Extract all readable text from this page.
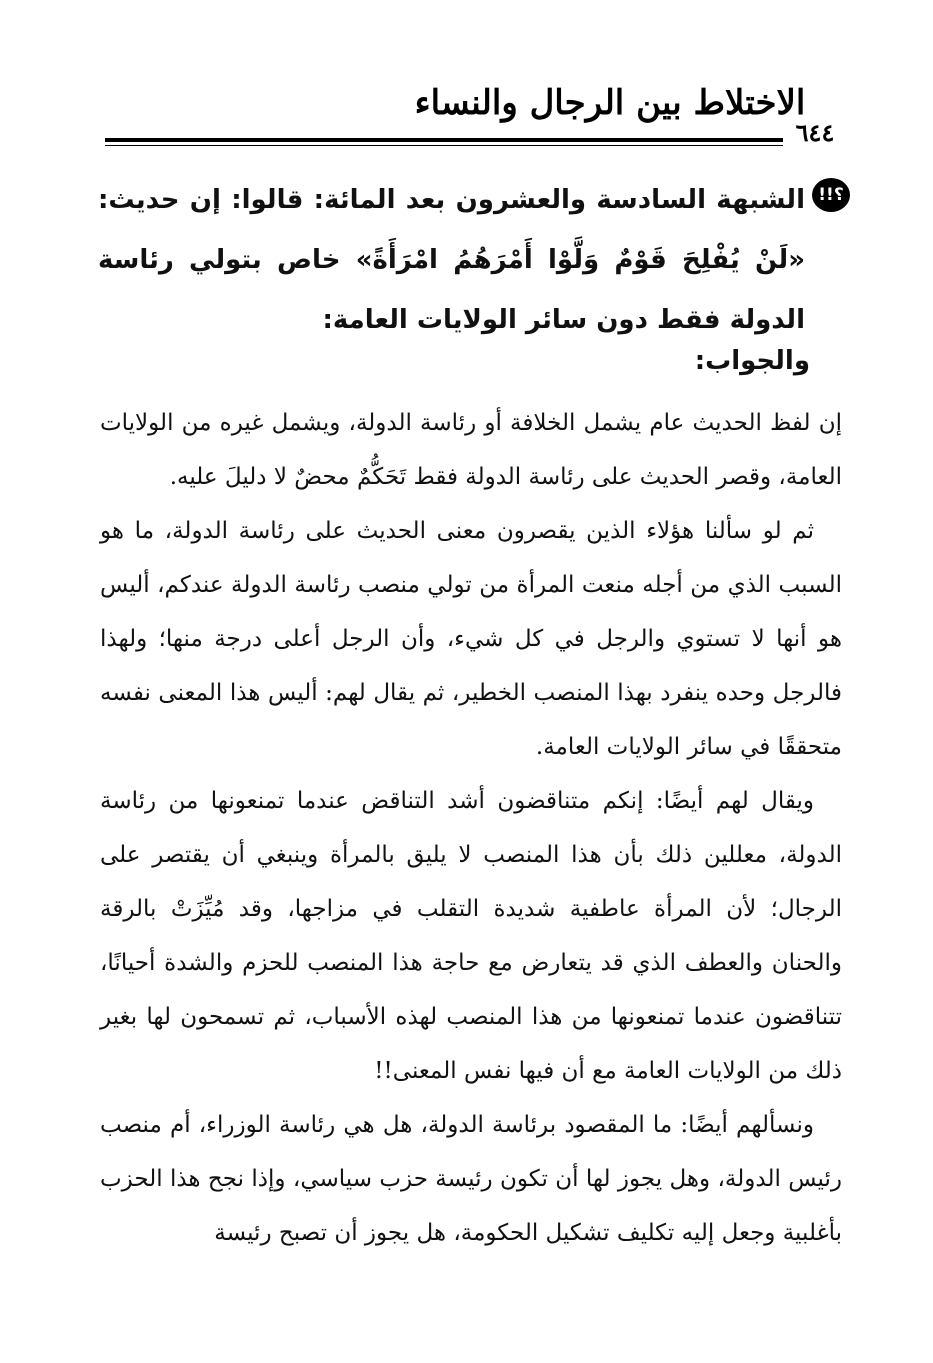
الاختلاط بين الرجال والنساء
٦٤٤
!!؟

الشبهة السادسة والعشرون بعد المائة: قالوا: إن حديث: «لَنْ يُفْلِحَ قَوْمٌ وَلَّوْا أَمْرَهُمُ امْرَأَةً» خاص بتولي رئاسة الدولة فقط دون سائر الولايات العامة:

والجواب:

إن لفظ الحديث عام يشمل الخلافة أو رئاسة الدولة، ويشمل غيره من الولايات العامة، وقصر الحديث على رئاسة الدولة فقط تَحَكُّمٌ محضٌ لا دليلَ عليه.

ثم لو سألنا هؤلاء الذين يقصرون معنى الحديث على رئاسة الدولة، ما هو السبب الذي من أجله منعت المرأة من تولي منصب رئاسة الدولة عندكم، أليس هو أنها لا تستوي والرجل في كل شيء، وأن الرجل أعلى درجة منها؛ ولهذا فالرجل وحده ينفرد بهذا المنصب الخطير، ثم يقال لهم: أليس هذا المعنى نفسه متحققًا في سائر الولايات العامة.

ويقال لهم أيضًا: إنكم متناقضون أشد التناقض عندما تمنعونها من رئاسة الدولة، معللين ذلك بأن هذا المنصب لا يليق بالمرأة وينبغي أن يقتصر على الرجال؛ لأن المرأة عاطفية شديدة التقلب في مزاجها، وقد مُيِّزَتْ بالرقة والحنان والعطف الذي قد يتعارض مع حاجة هذا المنصب للحزم والشدة أحيانًا، تتناقضون عندما تمنعونها من هذا المنصب لهذه الأسباب، ثم تسمحون لها بغير ذلك من الولايات العامة مع أن فيها نفس المعنى!!

ونسألهم أيضًا: ما المقصود برئاسة الدولة، هل هي رئاسة الوزراء، أم منصب رئيس الدولة، وهل يجوز لها أن تكون رئيسة حزب سياسي، وإذا نجح هذا الحزب بأغلبية وجعل إليه تكليف تشكيل الحكومة، هل يجوز أن تصبح رئيسة
